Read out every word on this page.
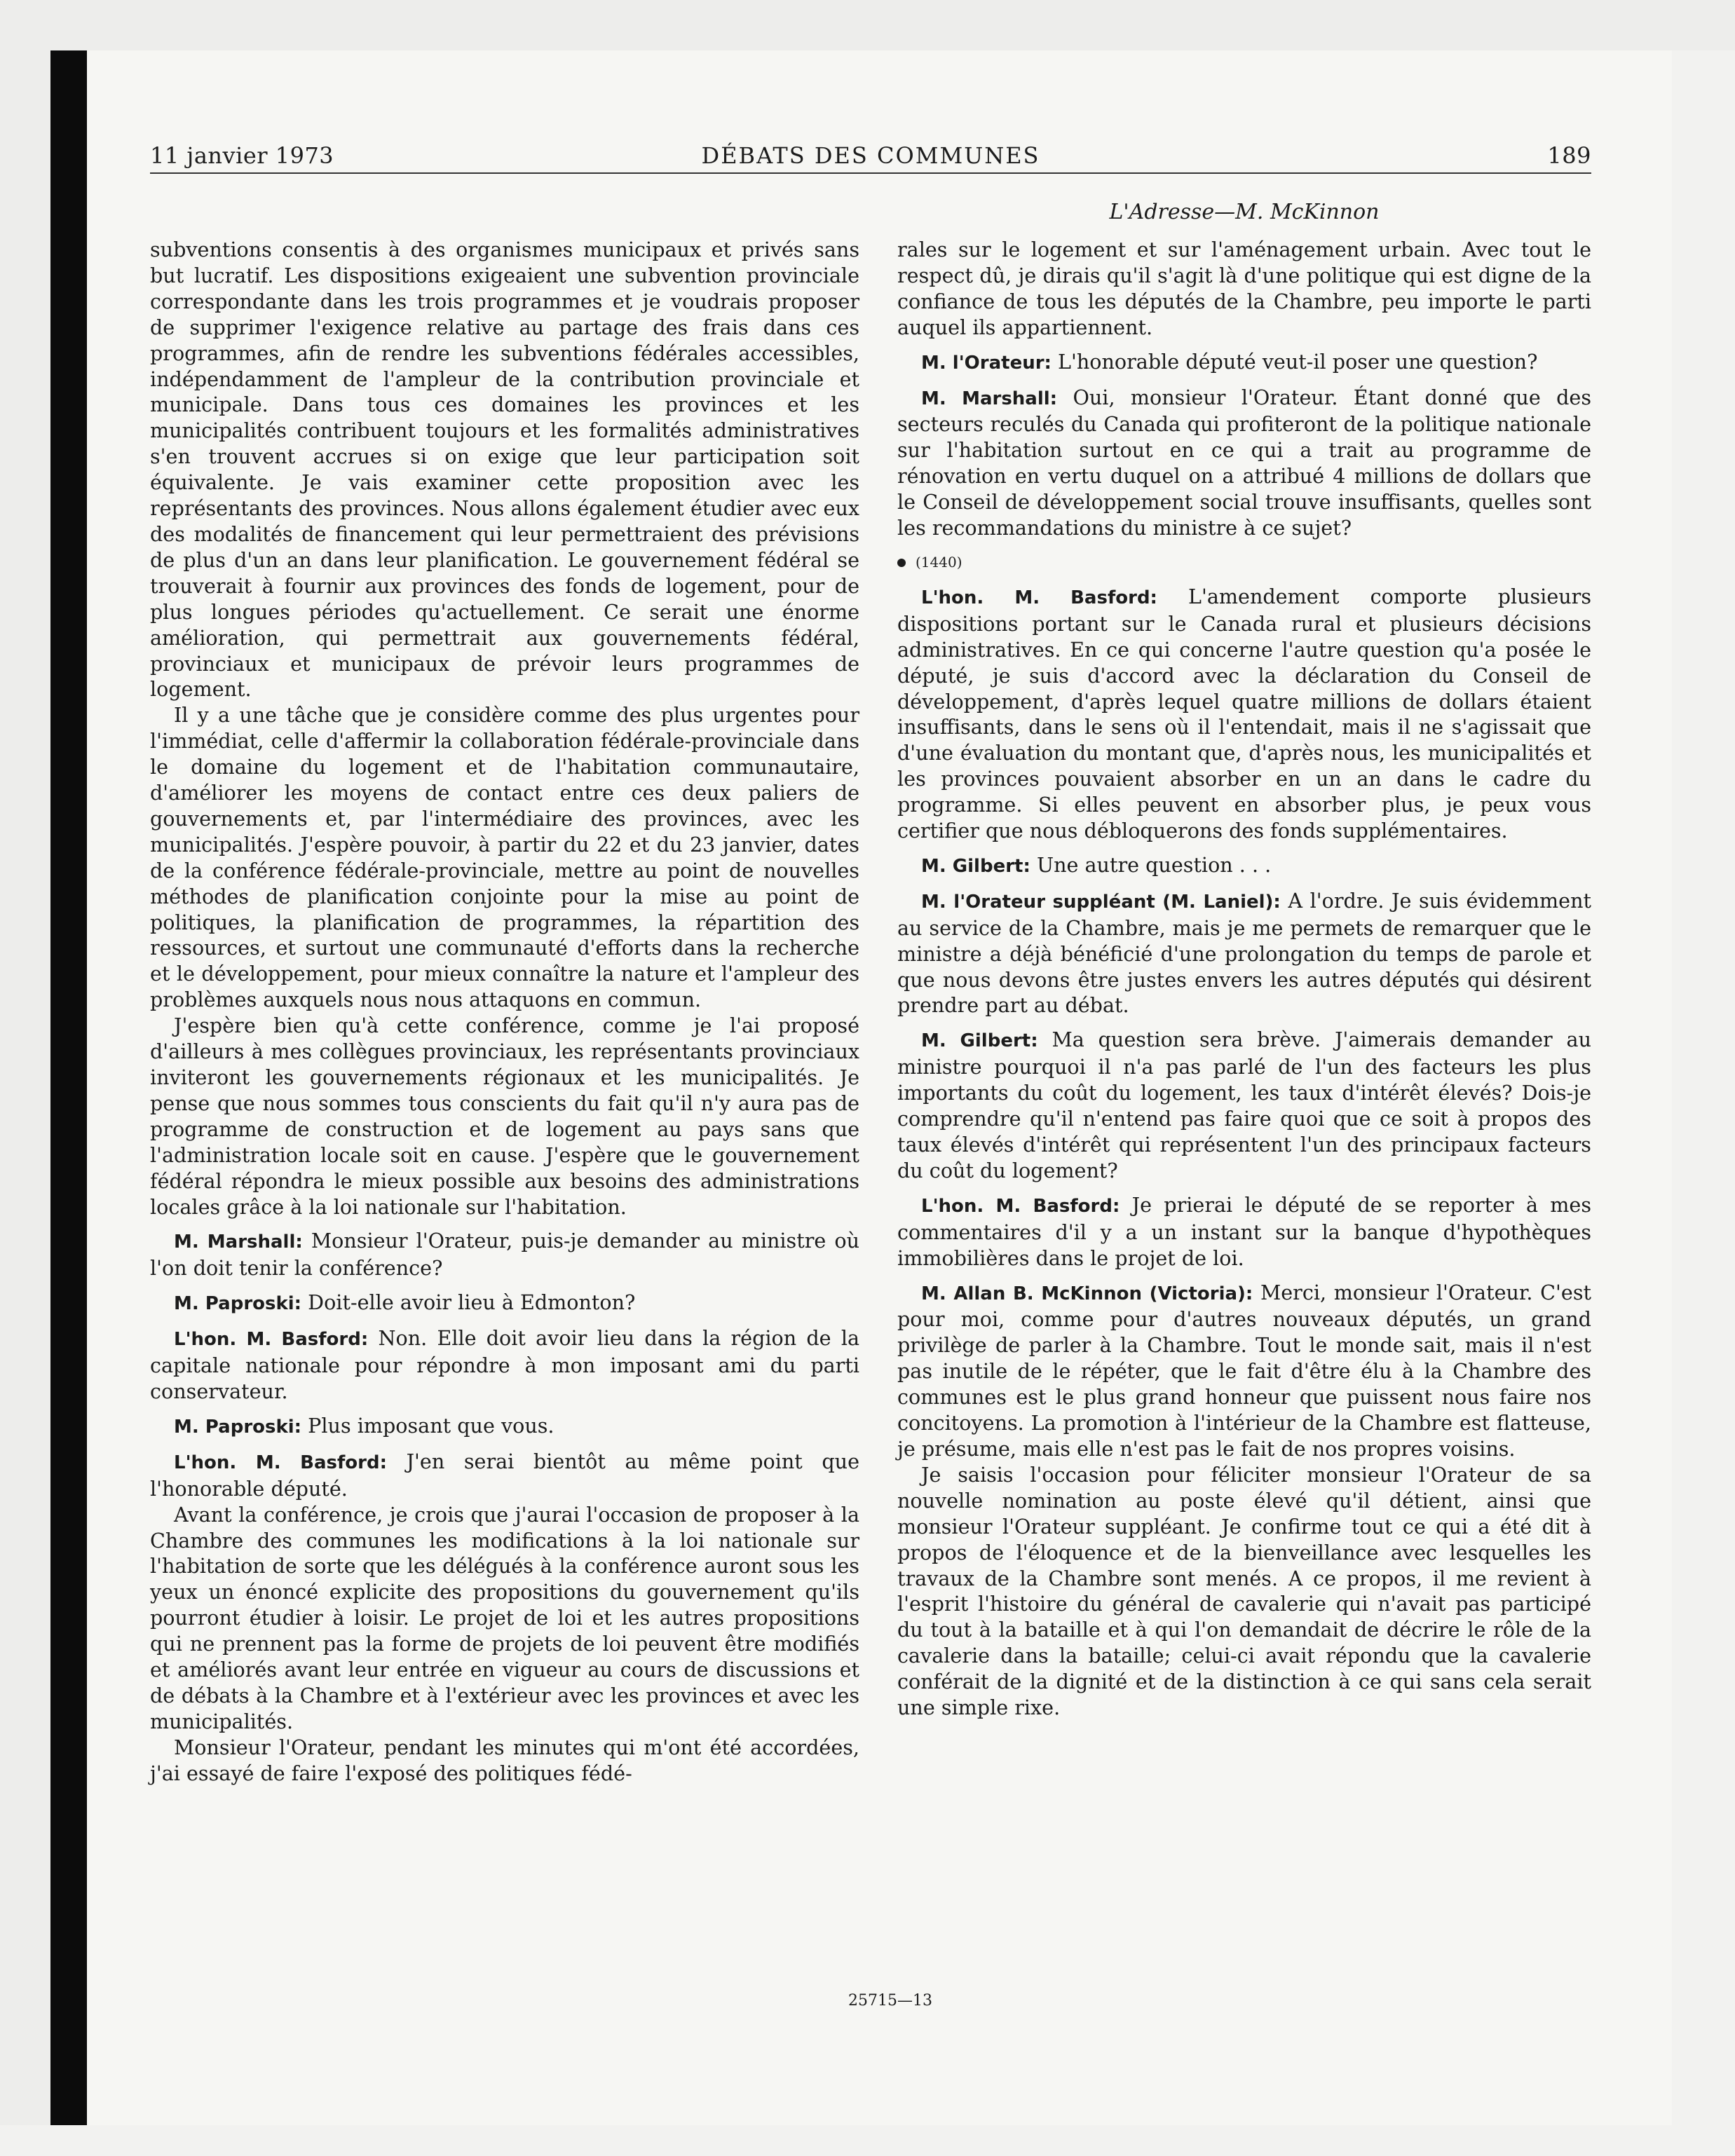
11 janvier 1973	DÉBATS DES COMMUNES	189
L'Adresse—M. McKinnon

subventions consentis à des organismes municipaux et privés sans but lucratif. Les dispositions exigeaient une subvention provinciale correspondante dans les trois programmes et je voudrais proposer de supprimer l'exigence relative au partage des frais dans ces programmes, afin de rendre les subventions fédérales accessibles, indépendamment de l'ampleur de la contribution provinciale et municipale. Dans tous ces domaines les provinces et les municipalités contribuent toujours et les formalités administratives s'en trouvent accrues si on exige que leur participation soit équivalente. Je vais examiner cette proposition avec les représentants des provinces. Nous allons également étudier avec eux des modalités de financement qui leur permettraient des prévisions de plus d'un an dans leur planification. Le gouvernement fédéral se trouverait à fournir aux provinces des fonds de logement, pour de plus longues périodes qu'actuellement. Ce serait une énorme amélioration, qui permettrait aux gouvernements fédéral, provinciaux et municipaux de prévoir leurs programmes de logement.

Il y a une tâche que je considère comme des plus urgentes pour l'immédiat, celle d'affermir la collaboration fédérale-provinciale dans le domaine du logement et de l'habitation communautaire, d'améliorer les moyens de contact entre ces deux paliers de gouvernements et, par l'intermédiaire des provinces, avec les municipalités. J'espère pouvoir, à partir du 22 et du 23 janvier, dates de la conférence fédérale-provinciale, mettre au point de nouvelles méthodes de planification conjointe pour la mise au point de politiques, la planification de programmes, la répartition des ressources, et surtout une communauté d'efforts dans la recherche et le développement, pour mieux connaître la nature et l'ampleur des problèmes auxquels nous nous attaquons en commun.

J'espère bien qu'à cette conférence, comme je l'ai proposé d'ailleurs à mes collègues provinciaux, les représentants provinciaux inviteront les gouvernements régionaux et les municipalités. Je pense que nous sommes tous conscients du fait qu'il n'y aura pas de programme de construction et de logement au pays sans que l'administration locale soit en cause. J'espère que le gouvernement fédéral répondra le mieux possible aux besoins des administrations locales grâce à la loi nationale sur l'habitation.

M. Marshall: Monsieur l'Orateur, puis-je demander au ministre où l'on doit tenir la conférence?

M. Paproski: Doit-elle avoir lieu à Edmonton?

L'hon. M. Basford: Non. Elle doit avoir lieu dans la région de la capitale nationale pour répondre à mon imposant ami du parti conservateur.

M. Paproski: Plus imposant que vous.

L'hon. M. Basford: J'en serai bientôt au même point que l'honorable député.

Avant la conférence, je crois que j'aurai l'occasion de proposer à la Chambre des communes les modifications à la loi nationale sur l'habitation de sorte que les délégués à la conférence auront sous les yeux un énoncé explicite des propositions du gouvernement qu'ils pourront étudier à loisir. Le projet de loi et les autres propositions qui ne prennent pas la forme de projets de loi peuvent être modifiés et améliorés avant leur entrée en vigueur au cours de discussions et de débats à la Chambre et à l'extérieur avec les provinces et avec les municipalités.

Monsieur l'Orateur, pendant les minutes qui m'ont été accordées, j'ai essayé de faire l'exposé des politiques fédé-

rales sur le logement et sur l'aménagement urbain. Avec tout le respect dû, je dirais qu'il s'agit là d'une politique qui est digne de la confiance de tous les députés de la Chambre, peu importe le parti auquel ils appartiennent.

M. l'Orateur: L'honorable député veut-il poser une question?

M. Marshall: Oui, monsieur l'Orateur. Étant donné que des secteurs reculés du Canada qui profiteront de la politique nationale sur l'habitation surtout en ce qui a trait au programme de rénovation en vertu duquel on a attribué 4 millions de dollars que le Conseil de développement social trouve insuffisants, quelles sont les recommandations du ministre à ce sujet?

(1440)

L'hon. M. Basford: L'amendement comporte plusieurs dispositions portant sur le Canada rural et plusieurs décisions administratives. En ce qui concerne l'autre question qu'a posée le député, je suis d'accord avec la déclaration du Conseil de développement, d'après lequel quatre millions de dollars étaient insuffisants, dans le sens où il l'entendait, mais il ne s'agissait que d'une évaluation du montant que, d'après nous, les municipalités et les provinces pouvaient absorber en un an dans le cadre du programme. Si elles peuvent en absorber plus, je peux vous certifier que nous débloquerons des fonds supplémentaires.

M. Gilbert: Une autre question . . .

M. l'Orateur suppléant (M. Laniel): A l'ordre. Je suis évidemment au service de la Chambre, mais je me permets de remarquer que le ministre a déjà bénéficié d'une prolongation du temps de parole et que nous devons être justes envers les autres députés qui désirent prendre part au débat.

M. Gilbert: Ma question sera brève. J'aimerais demander au ministre pourquoi il n'a pas parlé de l'un des facteurs les plus importants du coût du logement, les taux d'intérêt élevés? Dois-je comprendre qu'il n'entend pas faire quoi que ce soit à propos des taux élevés d'intérêt qui représentent l'un des principaux facteurs du coût du logement?

L'hon. M. Basford: Je prierai le député de se reporter à mes commentaires d'il y a un instant sur la banque d'hypothèques immobilières dans le projet de loi.

M. Allan B. McKinnon (Victoria): Merci, monsieur l'Orateur. C'est pour moi, comme pour d'autres nouveaux députés, un grand privilège de parler à la Chambre. Tout le monde sait, mais il n'est pas inutile de le répéter, que le fait d'être élu à la Chambre des communes est le plus grand honneur que puissent nous faire nos concitoyens. La promotion à l'intérieur de la Chambre est flatteuse, je présume, mais elle n'est pas le fait de nos propres voisins.

Je saisis l'occasion pour féliciter monsieur l'Orateur de sa nouvelle nomination au poste élevé qu'il détient, ainsi que monsieur l'Orateur suppléant. Je confirme tout ce qui a été dit à propos de l'éloquence et de la bienveillance avec lesquelles les travaux de la Chambre sont menés. A ce propos, il me revient à l'esprit l'histoire du général de cavalerie qui n'avait pas participé du tout à la bataille et à qui l'on demandait de décrire le rôle de la cavalerie dans la bataille; celui-ci avait répondu que la cavalerie conférait de la dignité et de la distinction à ce qui sans cela serait une simple rixe.

25715—13
